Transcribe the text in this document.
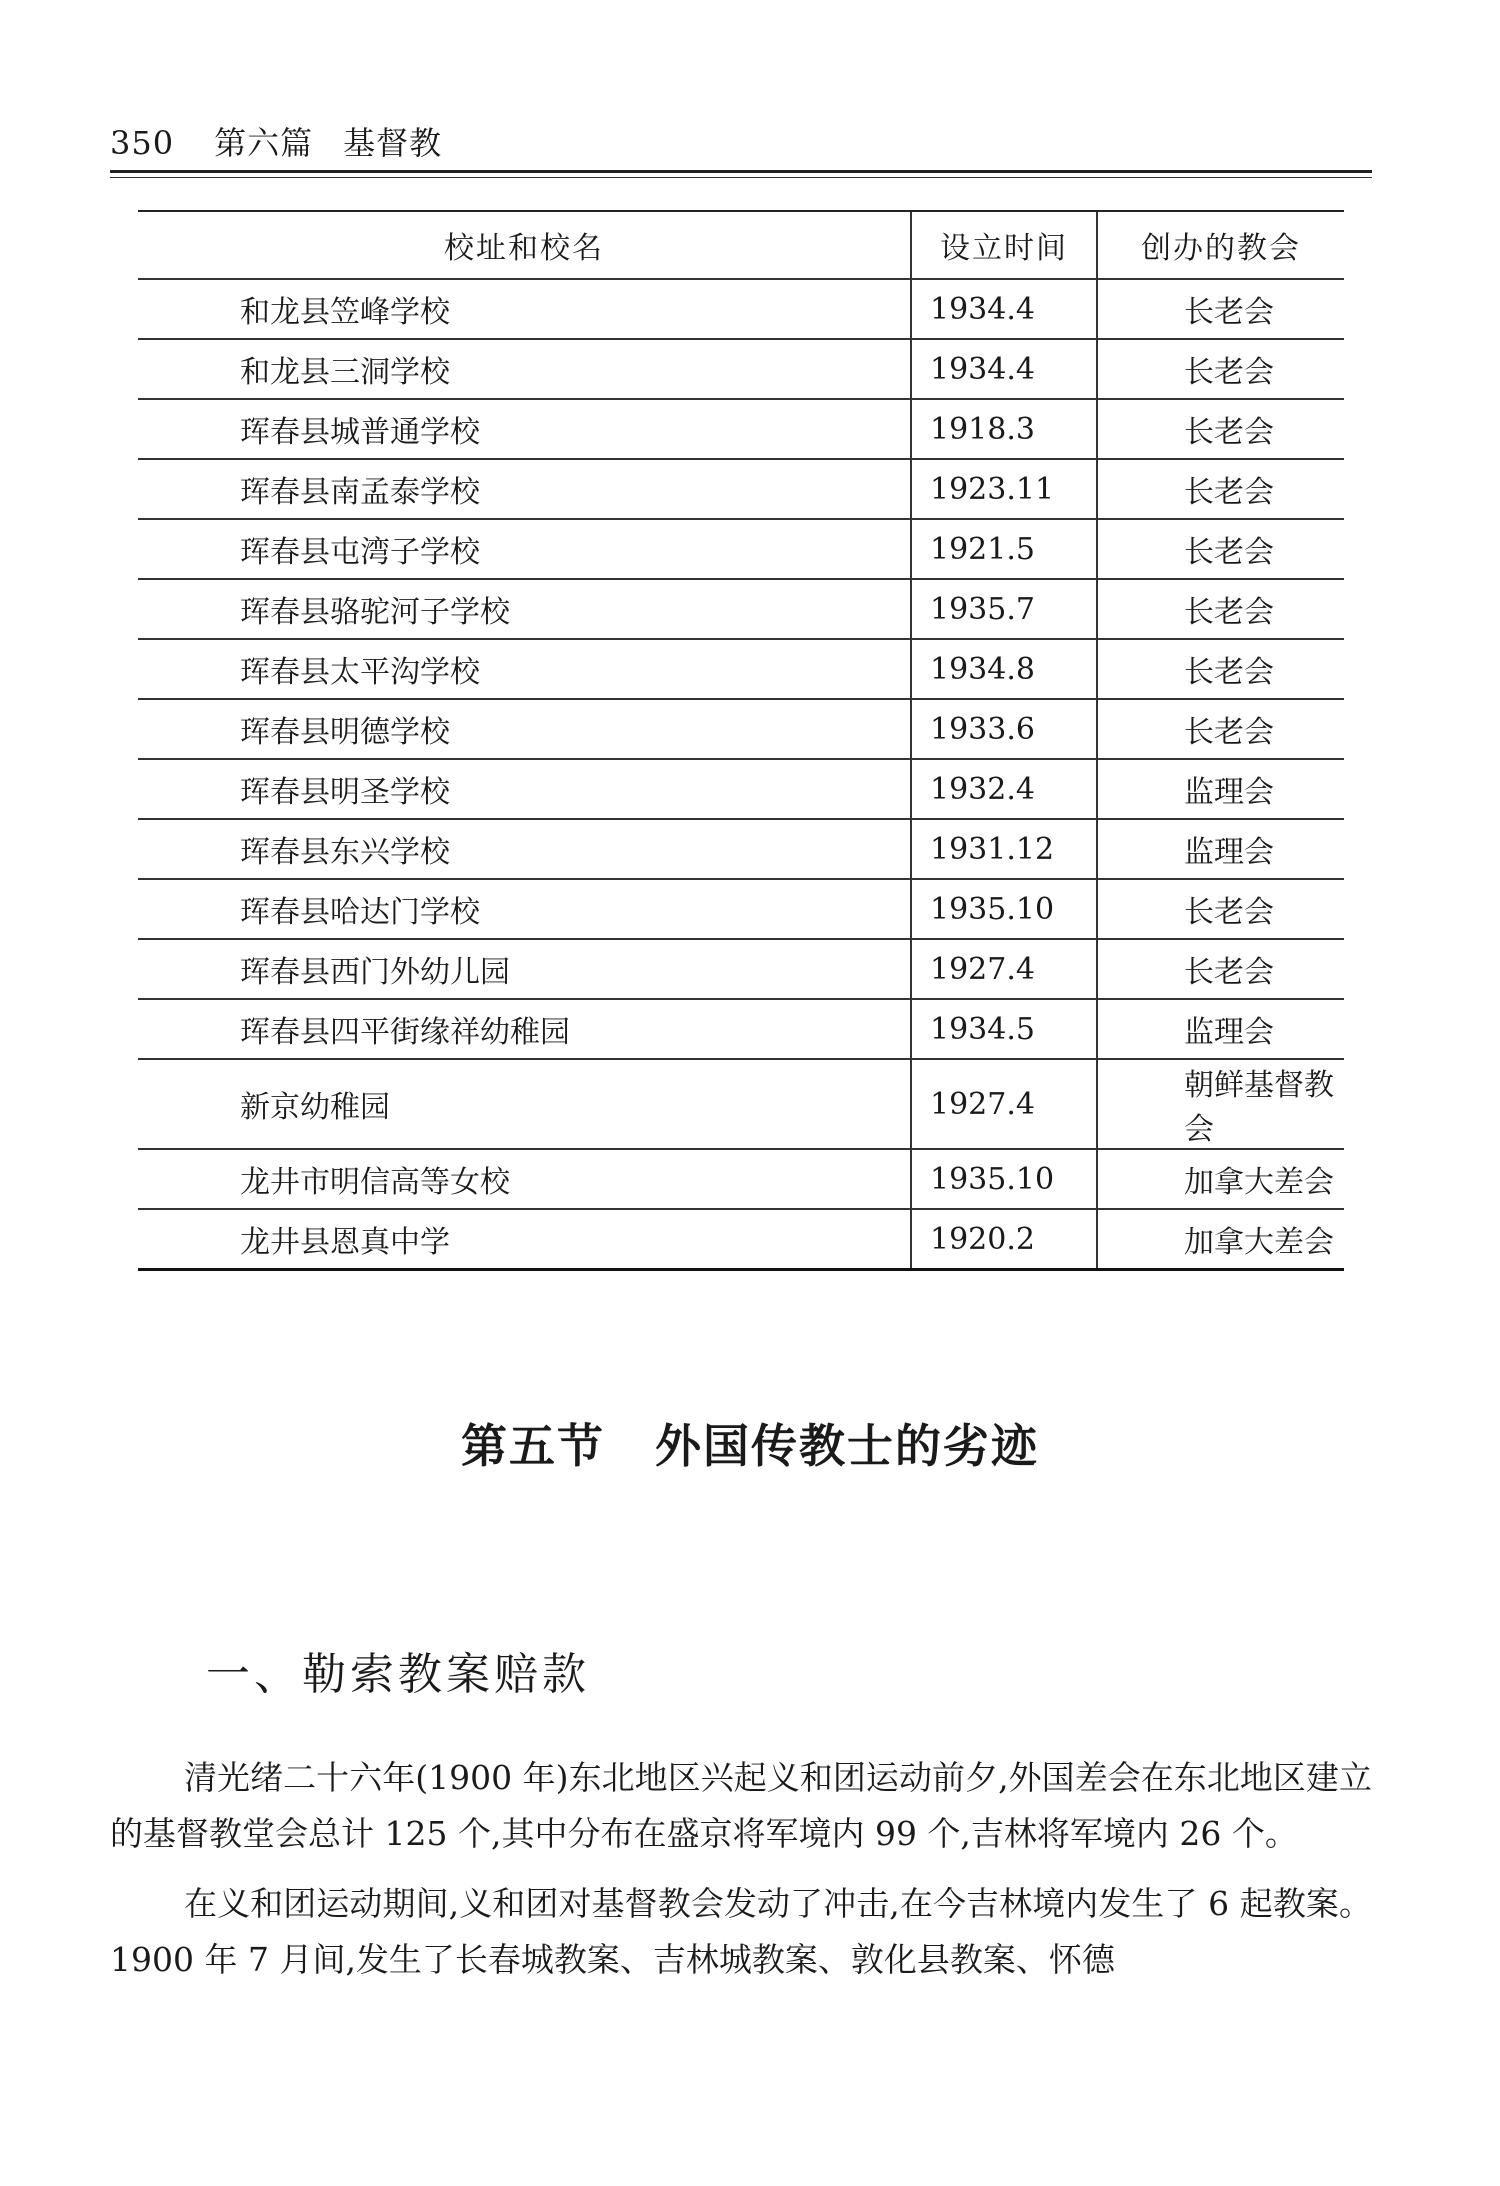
350 第六篇 基督教
校址和校名	设立时间	创办的教会
和龙县笠峰学校	1934.4	长老会
和龙县三洞学校	1934.4	长老会
珲春县城普通学校	1918.3	长老会
珲春县南孟泰学校	1923.11	长老会
珲春县屯湾子学校	1921.5	长老会
珲春县骆驼河子学校	1935.7	长老会
珲春县太平沟学校	1934.8	长老会
珲春县明德学校	1933.6	长老会
珲春县明圣学校	1932.4	监理会
珲春县东兴学校	1931.12	监理会
珲春县哈达门学校	1935.10	长老会
珲春县西门外幼儿园	1927.4	长老会
珲春县四平街缘祥幼稚园	1934.5	监理会
新京幼稚园	1927.4	朝鲜基督教会
龙井市明信高等女校	1935.10	加拿大差会
龙井县恩真中学	1920.2	加拿大差会
第五节 外国传教士的劣迹
一、勒索教案赔款

清光绪二十六年(1900 年)东北地区兴起义和团运动前夕,外国差会在东北地区建立的基督教堂会总计 125 个,其中分布在盛京将军境内 99 个,吉林将军境内 26 个。

在义和团运动期间,义和团对基督教会发动了冲击,在今吉林境内发生了 6 起教案。1900 年 7 月间,发生了长春城教案、吉林城教案、敦化县教案、怀德
